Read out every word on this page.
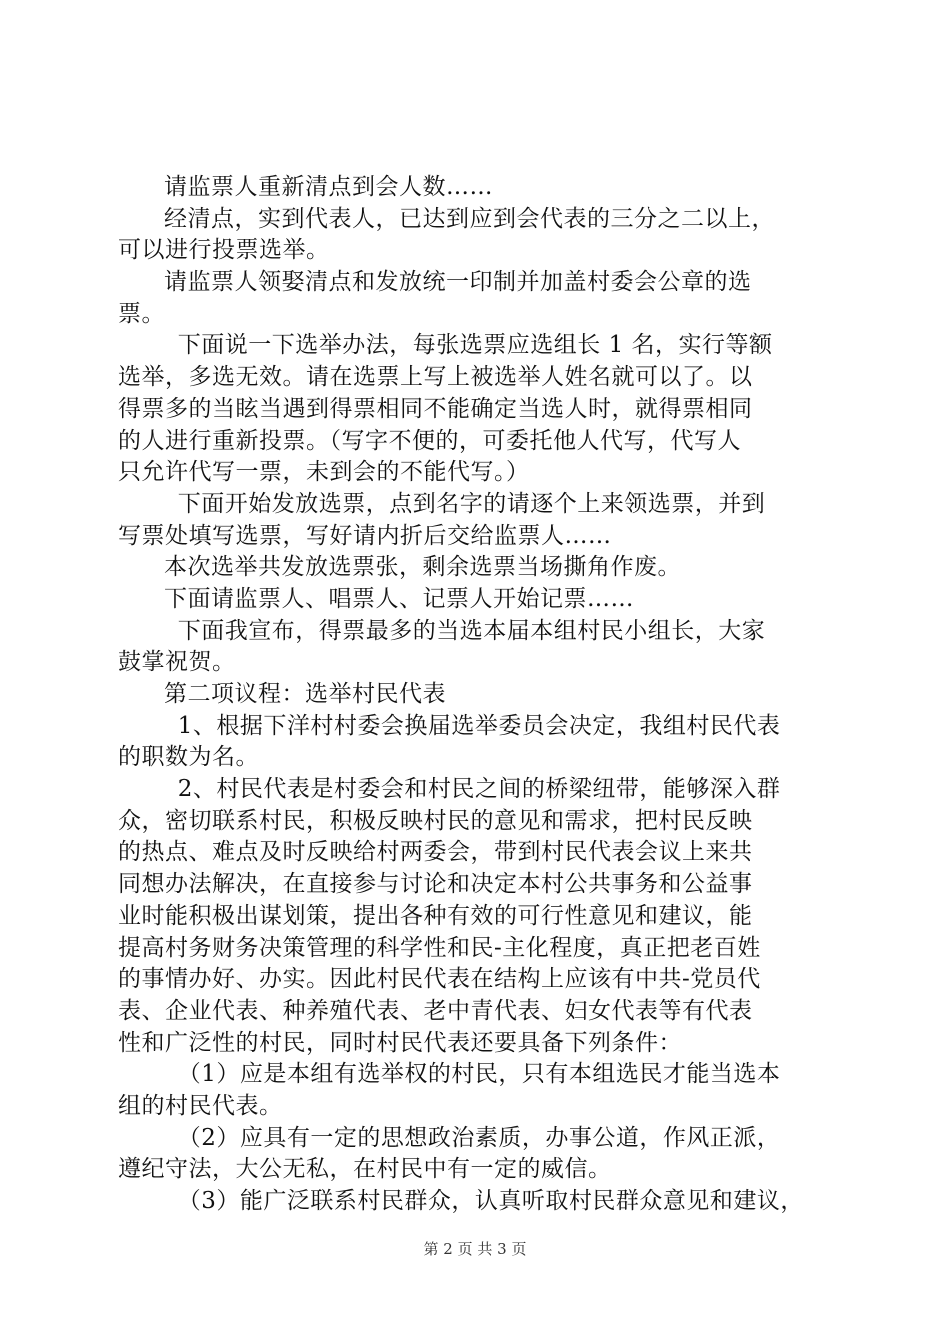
请监票人重新清点到会人数……
经清点，实到代表人，已达到应到会代表的三分之二以上，
可以进行投票选举。
请监票人领娶清点和发放统一印制并加盖村委会公章的选
票。
下面说一下选举办法，每张选票应选组长 1 名，实行等额
选举，多选无效。请在选票上写上被选举人姓名就可以了。以
得票多的当眩当遇到得票相同不能确定当选人时，就得票相同
的人进行重新投票。（写字不便的，可委托他人代写，代写人
只允许代写一票，未到会的不能代写。）
下面开始发放选票，点到名字的请逐个上来领选票，并到
写票处填写选票，写好请内折后交给监票人……
本次选举共发放选票张，剩余选票当场撕角作废。
下面请监票人、唱票人、记票人开始记票……
下面我宣布，得票最多的当选本届本组村民小组长，大家
鼓掌祝贺。
第二项议程：选举村民代表
1、根据下洋村村委会换届选举委员会决定，我组村民代表
的职数为名。
2、村民代表是村委会和村民之间的桥梁纽带，能够深入群
众，密切联系村民，积极反映村民的意见和需求，把村民反映
的热点、难点及时反映给村两委会，带到村民代表会议上来共
同想办法解决，在直接参与讨论和决定本村公共事务和公益事
业时能积极出谋划策，提出各种有效的可行性意见和建议，能
提高村务财务决策管理的科学性和民-主化程度，真正把老百姓
的事情办好、办实。因此村民代表在结构上应该有中共-党员代
表、企业代表、种养殖代表、老中青代表、妇女代表等有代表
性和广泛性的村民，同时村民代表还要具备下列条件：
（1）应是本组有选举权的村民，只有本组选民才能当选本
组的村民代表。
（2）应具有一定的思想政治素质，办事公道，作风正派，
遵纪守法，大公无私，在村民中有一定的威信。
（3）能广泛联系村民群众，认真听取村民群众意见和建议，
第 2 页 共 3 页
